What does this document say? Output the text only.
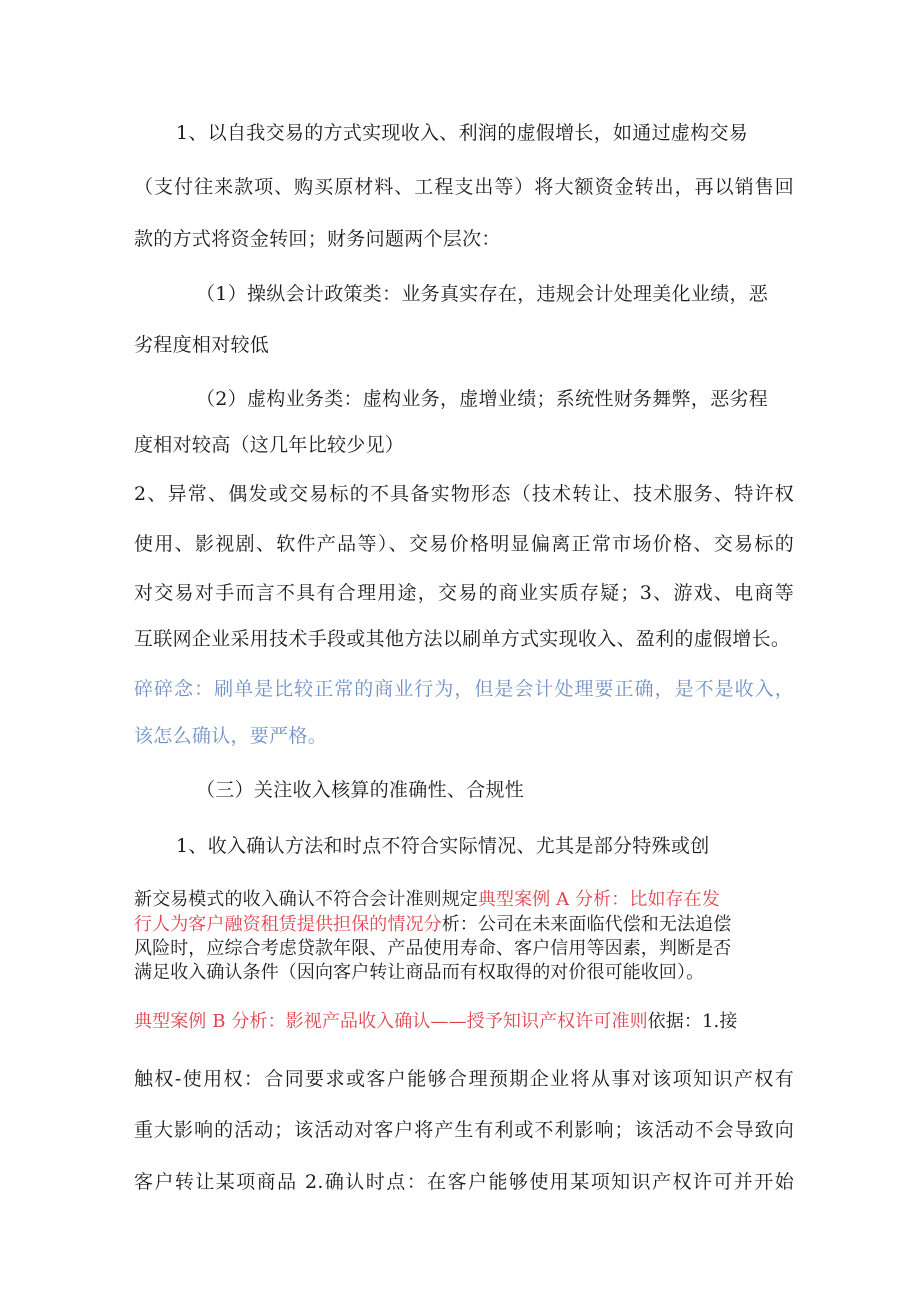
1、以自我交易的方式实现收入、利润的虚假增长，如通过虚构交易
（支付往来款项、购买原材料、工程支出等）将大额资金转出，再以销售回
款的方式将资金转回；财务问题两个层次：
（1）操纵会计政策类：业务真实存在，违规会计处理美化业绩，恶
劣程度相对较低
（2）虚构业务类：虚构业务，虚增业绩；系统性财务舞弊，恶劣程
度相对较高（这几年比较少见）
2、异常、偶发或交易标的不具备实物形态（技术转让、技术服务、特许权
使用、影视剧、软件产品等）、交易价格明显偏离正常市场价格、交易标的
对交易对手而言不具有合理用途，交易的商业实质存疑；3、游戏、电商等
互联网企业采用技术手段或其他方法以刷单方式实现收入、盈利的虚假增长。
碎碎念：刷单是比较正常的商业行为，但是会计处理要正确，是不是收入，
该怎么确认，要严格。
（三）关注收入核算的准确性、合规性
1、收入确认方法和时点不符合实际情况、尤其是部分特殊或创
新交易模式的收入确认不符合会计准则规定典型案例 A 分析：比如存在发
行人为客户融资租赁提供担保的情况分析：公司在未来面临代偿和无法追偿
风险时，应综合考虑贷款年限、产品使用寿命、客户信用等因素，判断是否
满足收入确认条件（因向客户转让商品而有权取得的对价很可能收回）。
典型案例 B 分析：影视产品收入确认——授予知识产权许可准则依据：1.接
触权-使用权：合同要求或客户能够合理预期企业将从事对该项知识产权有
重大影响的活动；该活动对客户将产生有利或不利影响；该活动不会导致向
客户转让某项商品 2.确认时点：在客户能够使用某项知识产权许可并开始
